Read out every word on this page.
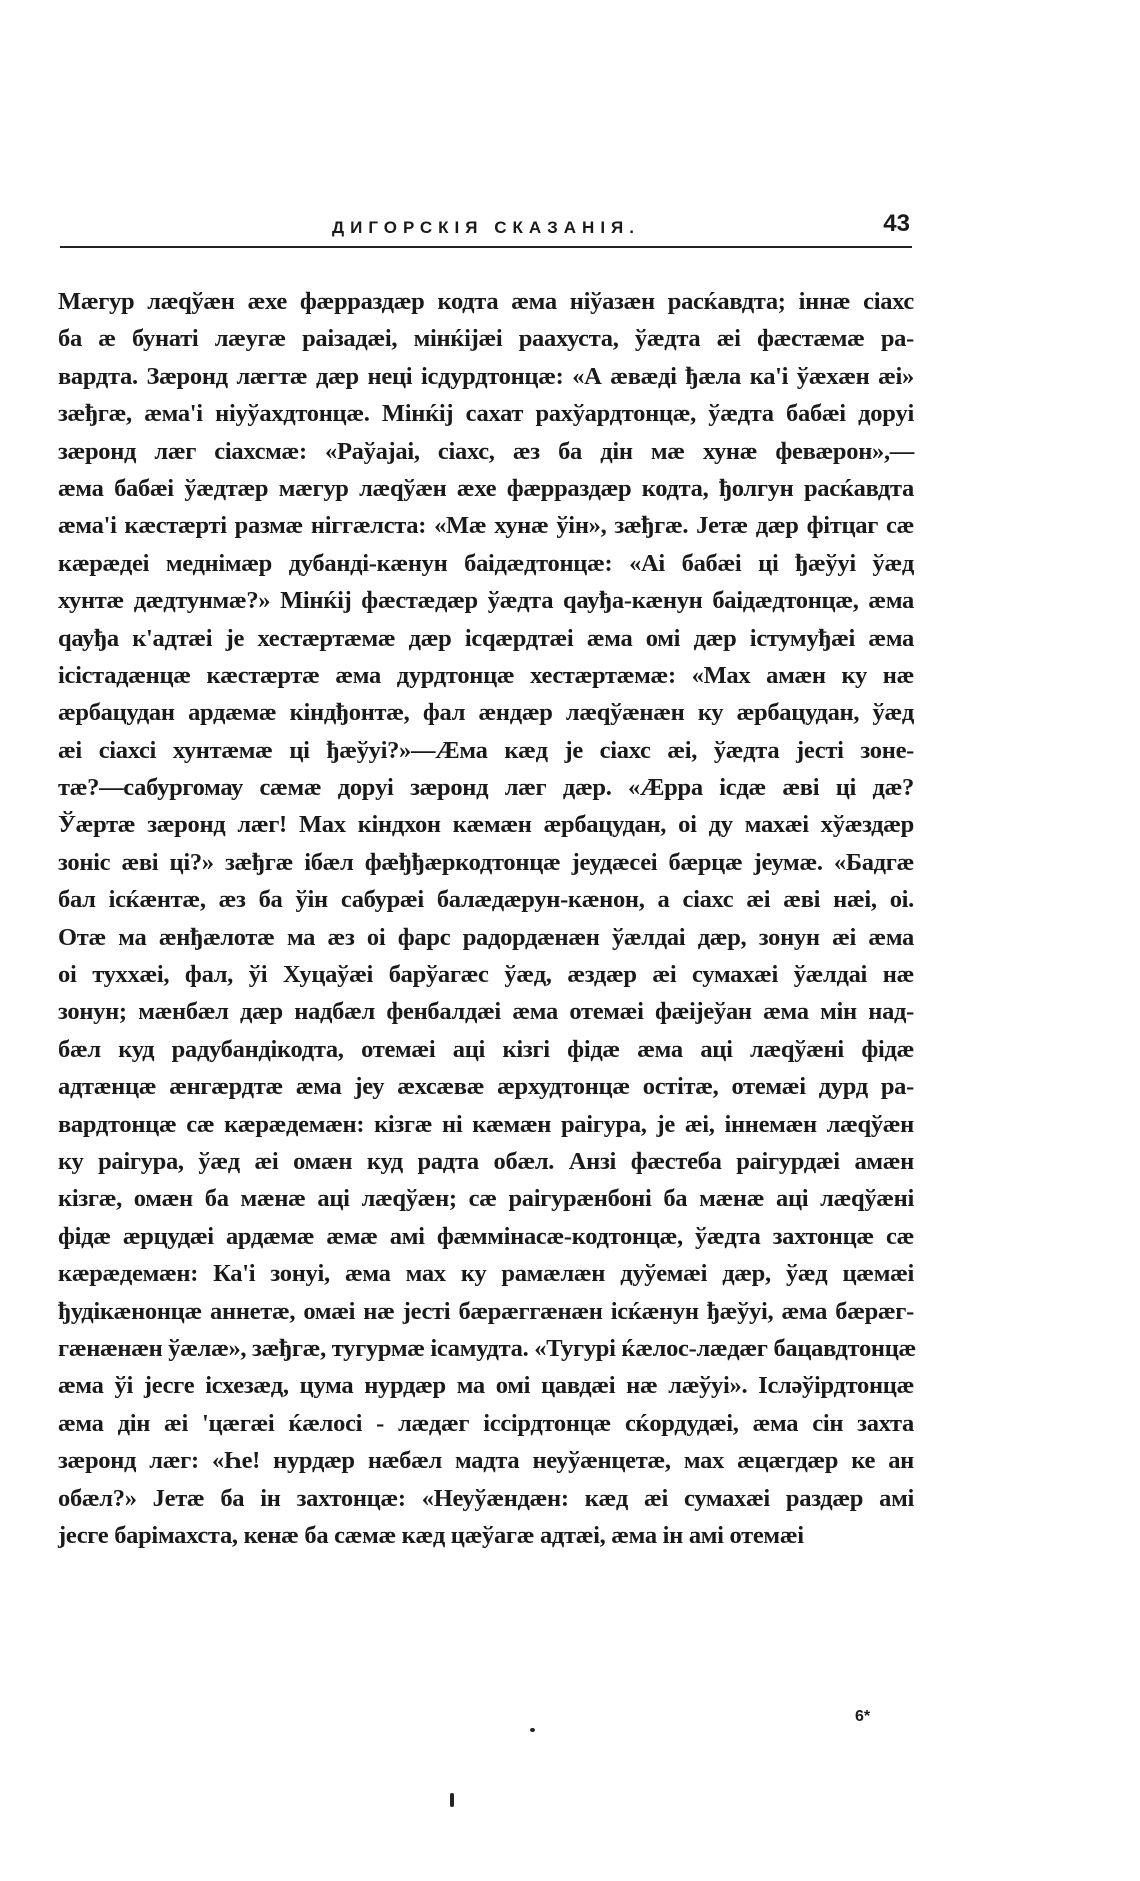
ДИГОРСКІЯ СКАЗАНІЯ.	43
Мæгур лæqўæн æхе фæрраздæр кодта æма ніўазæн расќавдта; іннæ сіахс
ба æ бунаті лæугæ раізадæі, мінќіјæі раахуста, ўæдта æі фæстæмæ ра-
вардта. Зæронд лæгтæ дæр нецi ісдурдтонцæ: «А æвæді ђæла ка'і ўæхæн æі»
зæђгæ, æма'і ніуўахдтонцæ. Мінќіј сахат рахўардтонцæ, ўæдта бабæі дорyі
зæронд лæг сiахсмæ: «Раўајаі, сiахс, æз ба дін мæ хунæ февæрон»,—
æма бабæі ўæдтæр мæгур лæqўæн æхе фæрраздæр кодта, ђолгун расќавдта
æма'і кæстæрті размæ ніггæлста: «Мæ хунæ ўін», зæђгæ. Јетæ дæр фітцаг сæ
кæрæдеі меднімæр дубанді-кæнун баідæдтонцæ: «Аі бабæі ці ђæўуі ўæд
хунтæ дæдтунмæ?» Мінќіј фæстæдæр ўæдта qауђа-кæнун баідæдтонцæ, æма
qауђа к'адтæі је хестæртæмæ дæр ісqæрдтæі æма омі дæр істумуђæі æма
ісістадæнцæ кæстæртæ æма дурдтонцæ хестæртæмæ: «Мах амæн ку нæ
æрбацудан ардæмæ кіндђонтæ, фал æндæр лæqўæнæн ку æрбацудан, ўæд
æі сiахсі хунтæмæ ці ђæўуі?»—Æма кæд је сiахс æі, ўæдта јесті зоне-
тæ?—сабургомау сæмæ дорyі зæронд лæг дæр. «Ӕрра ісдæ æві ці дæ?
Ўæртæ зæронд лæг! Мах кіндхон кæмæн æрбацудан, оі ду махæі хўæздæр
зоніс æві ці?» зæђгæ ібæл фæђђæркодтонцæ јеудæсеі бæрцæ јеумæ. «Бадгæ
бал ісќæнтæ, æз ба ўін сабурæі балæдæрун-кæнон, а сiахс æі æві нæі, оі.
Отæ ма æнђæлотæ ма æз оі фарс радордæнæн ўæлдаі дæр, зонун æі æма
оі туххæі, фал, ўі Хуцаўæі барўагæс ўæд, æздæр æі сумахæі ўæлдаі нæ
зонун; мæнбæл дæр надбæл фенбалдæі æма отемæі фæіјеўан æма мін над-
бæл куд радубандікодта, отемæі аці кізгі фідæ æма аці лæqўæні фідæ
адтæнцæ æнгæрдтæ æма јеу æхсæвæ æрхудтонцæ остітæ, отемæі дурд ра-
вардтонцæ сæ кæрæдемæн: кізгæ ні кæмæн раігура, је æі, іннемæн лæqўæн
ку раігура, ўæд æі омæн куд радта обæл. Анзі фæстеба раігурдæі амæн
кізгæ, омæн ба мæнæ аці лæqўæн; сæ раігурæнбоні ба мæнæ аці лæqўæні
фідæ æрцудæі ардæмæ æмæ амі фæммінасæ-кодтонцæ, ўæдта захтонцæ сæ
кæрæдемæн: Ка'і зонуі, æма мах ку рамæлæн дуўемæі дæр, ўæд цæмæі
ђудікæнонцæ аннетæ, омæі нæ јесті бæрæггæнæн ісќæнун ђæўуі, æма бæрæг-
гæнæнæн ўæлæ», зæђгæ, тугурмæ ісамудта. «Тугурі ќæлос-лæдæг бацавдтонцæ
æма ўі јесге ісхезæд, цума нурдæр ма омі цавдæі нæ лæўуі». Ісләўірдтонцæ
æма дін æі 'цæгæі ќæлосі - лæдæг ісcірдтонцæ сќордудæі, æма сін захта
зæронд лæг: «Һе! нурдæр нæбæл мадта неуўæнцетæ, мах æцæгдæр ке ан
обæл?» Јетæ ба ін захтонцæ: «Неуўæндæн: кæд æі сумахæі раздæр амі
јесге барімахста, кенæ ба сæмæ кæд цæўагæ адтæі, æма ін амі отемæі
6*
